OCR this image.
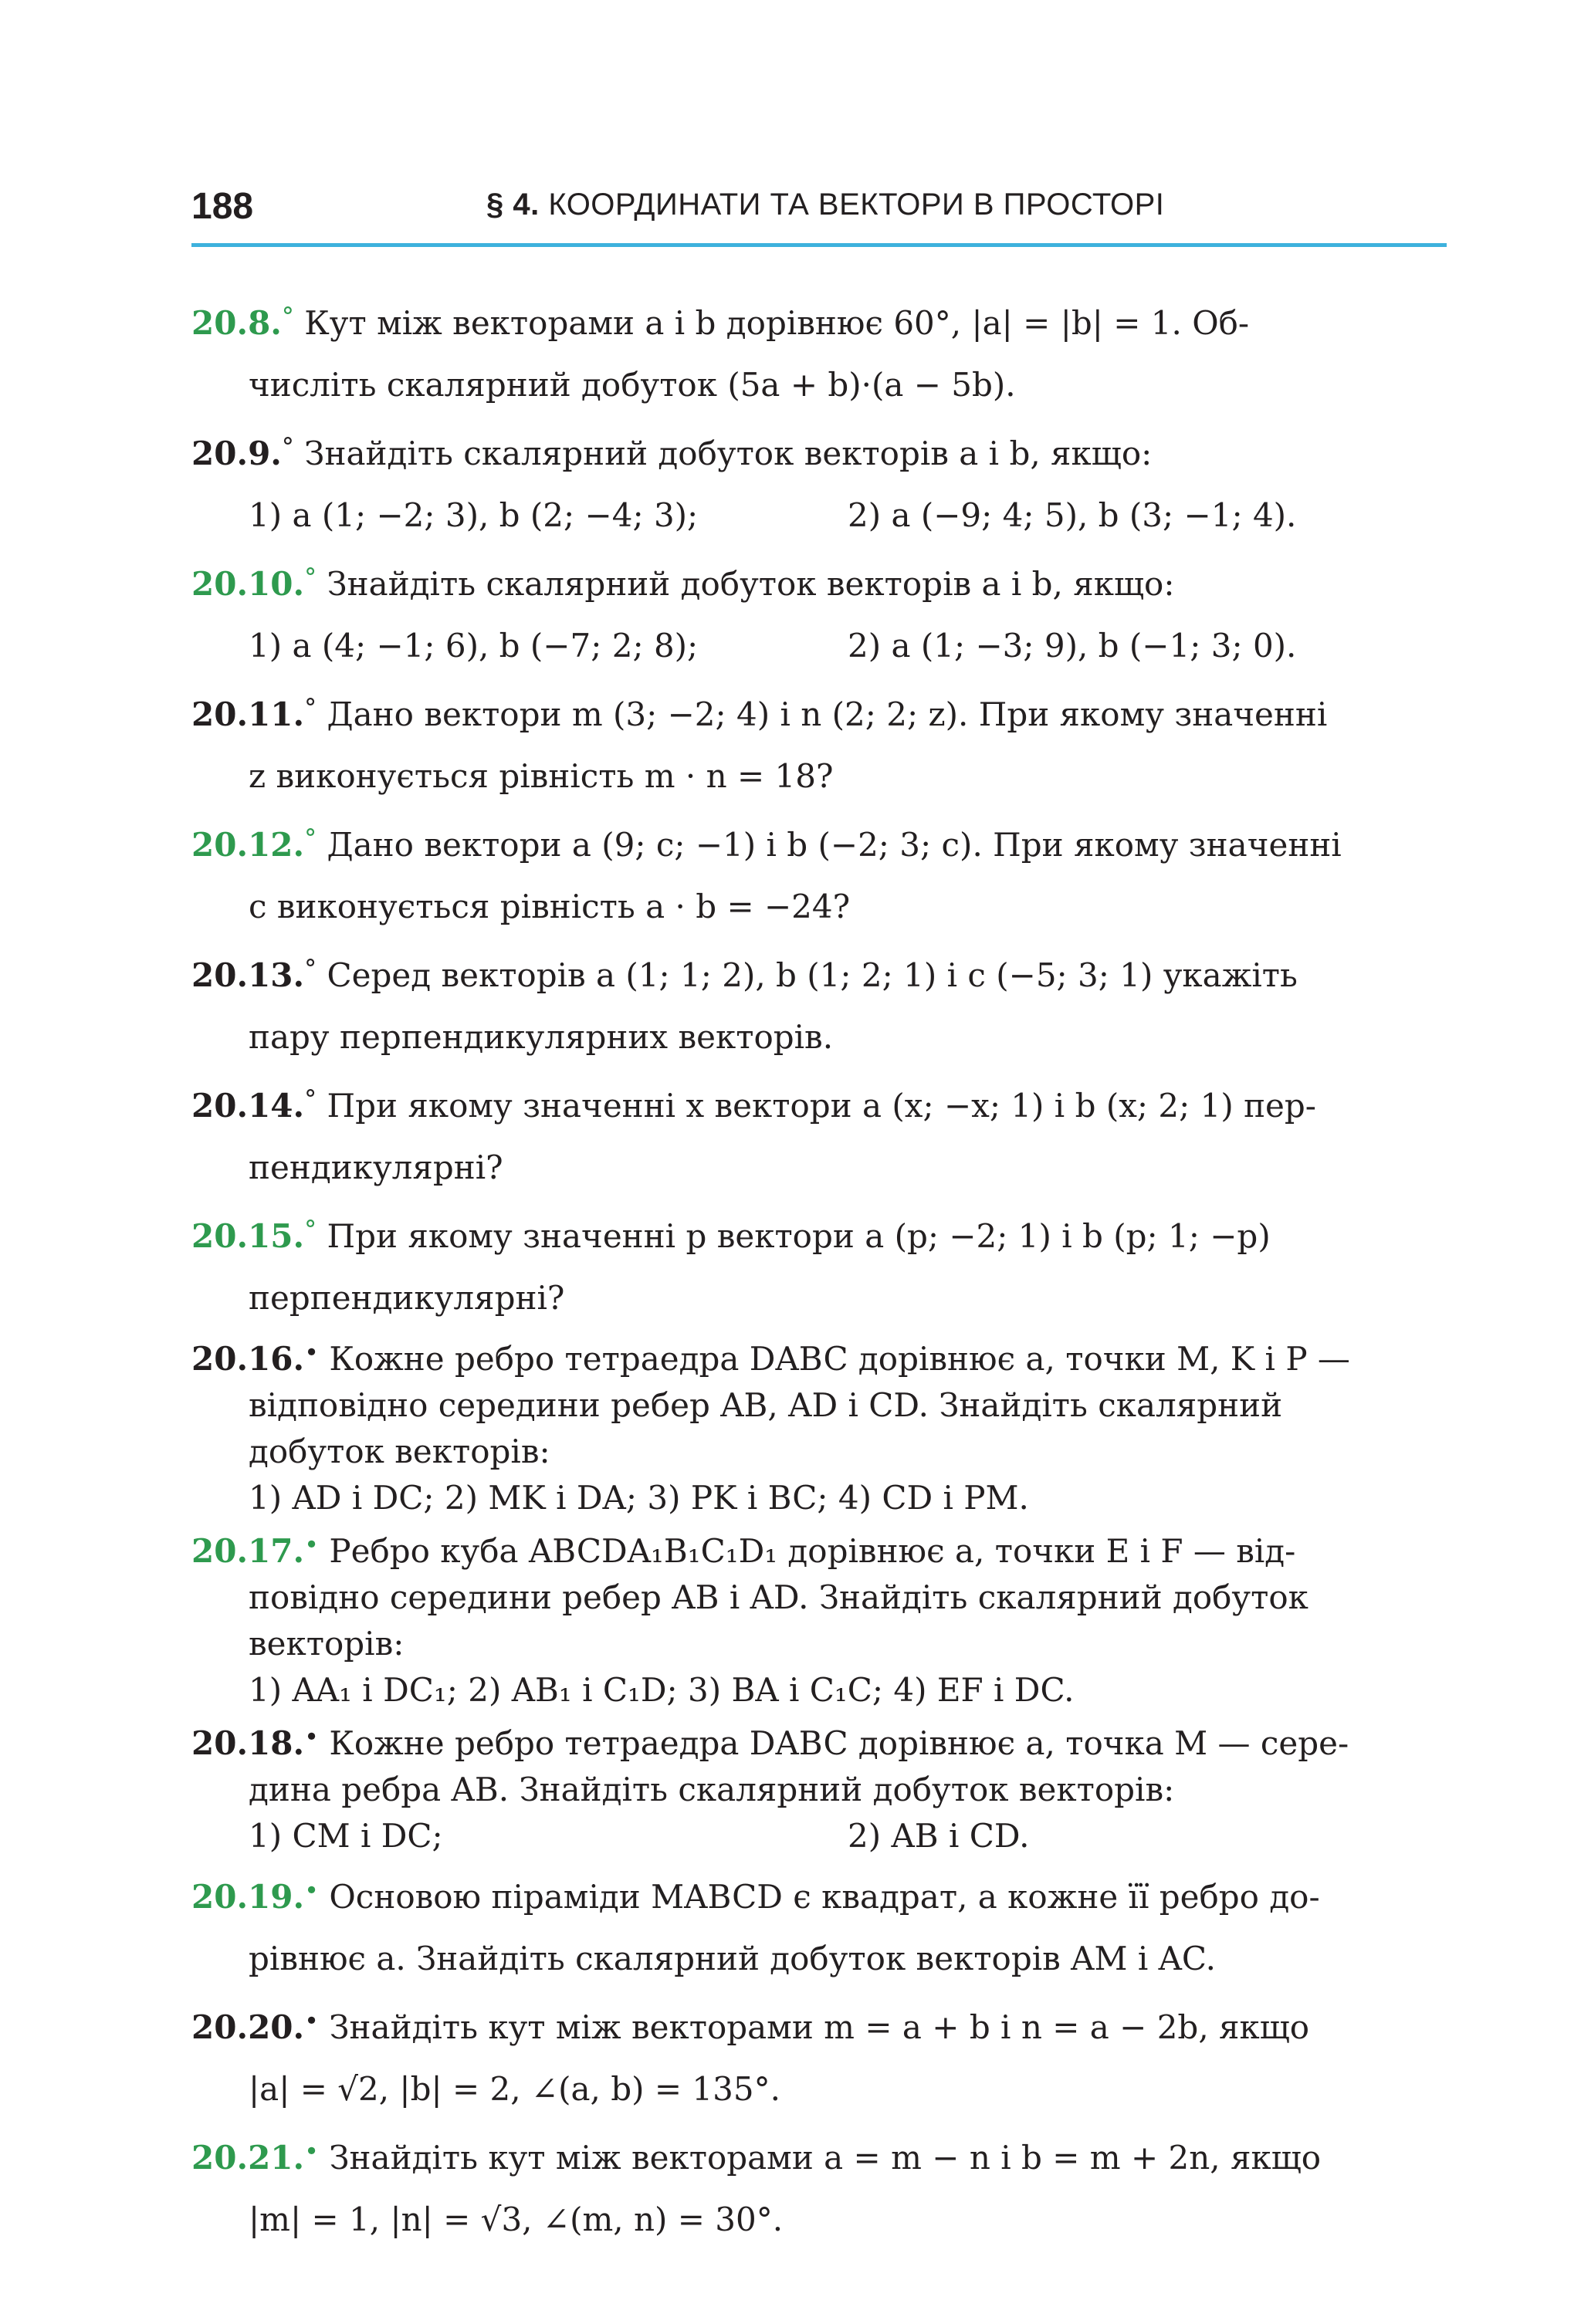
188	§ 4. КООРДИНАТИ ТА ВЕКТОРИ В ПРОСТОРІ

20.8.° Кут між векторами a і b дорівнює 60°, |a| = |b| = 1. Об-
числіть скалярний добуток (5a + b)·(a − 5b).

20.9.° Знайдіть скалярний добуток векторів a і b, якщо:
1) a (1; −2; 3), b (2; −4; 3);	2) a (−9; 4; 5), b (3; −1; 4).

20.10.° Знайдіть скалярний добуток векторів a і b, якщо:
1) a (4; −1; 6), b (−7; 2; 8);	2) a (1; −3; 9), b (−1; 3; 0).

20.11.° Дано вектори m (3; −2; 4) і n (2; 2; z). При якому значенні
z виконується рівність m · n = 18?

20.12.° Дано вектори a (9; c; −1) і b (−2; 3; c). При якому значенні
c виконується рівність a · b = −24?

20.13.° Серед векторів a (1; 1; 2), b (1; 2; 1) і c (−5; 3; 1) укажіть
пару перпендикулярних векторів.

20.14.° При якому значенні x вектори a (x; −x; 1) і b (x; 2; 1) пер-
пендикулярні?

20.15.° При якому значенні p вектори a (p; −2; 1) і b (p; 1; −p)
перпендикулярні?

20.16.• Кожне ребро тетраедра DABC дорівнює a, точки M, K і P —
відповідно середини ребер AB, AD і CD. Знайдіть скалярний
добуток векторів:
1) AD і DC; 2) MK і DA; 3) PK і BC; 4) CD і PM.

20.17.• Ребро куба ABCDA₁B₁C₁D₁ дорівнює a, точки E і F — від-
повідно середини ребер AB і AD. Знайдіть скалярний добуток
векторів:
1) AA₁ і DC₁; 2) AB₁ і C₁D; 3) BA і C₁C; 4) EF і DC.

20.18.• Кожне ребро тетраедра DABC дорівнює a, точка M — сере-
дина ребра AB. Знайдіть скалярний добуток векторів:
1) CM і DC;	2) AB і CD.

20.19.• Основою піраміди MABCD є квадрат, а кожне її ребро до-
рівнює a. Знайдіть скалярний добуток векторів AM і AC.

20.20.• Знайдіть кут між векторами m = a + b і n = a − 2b, якщо
|a| = √2, |b| = 2, ∠(a, b) = 135°.

20.21.• Знайдіть кут між векторами a = m − n і b = m + 2n, якщо
|m| = 1, |n| = √3, ∠(m, n) = 30°.
